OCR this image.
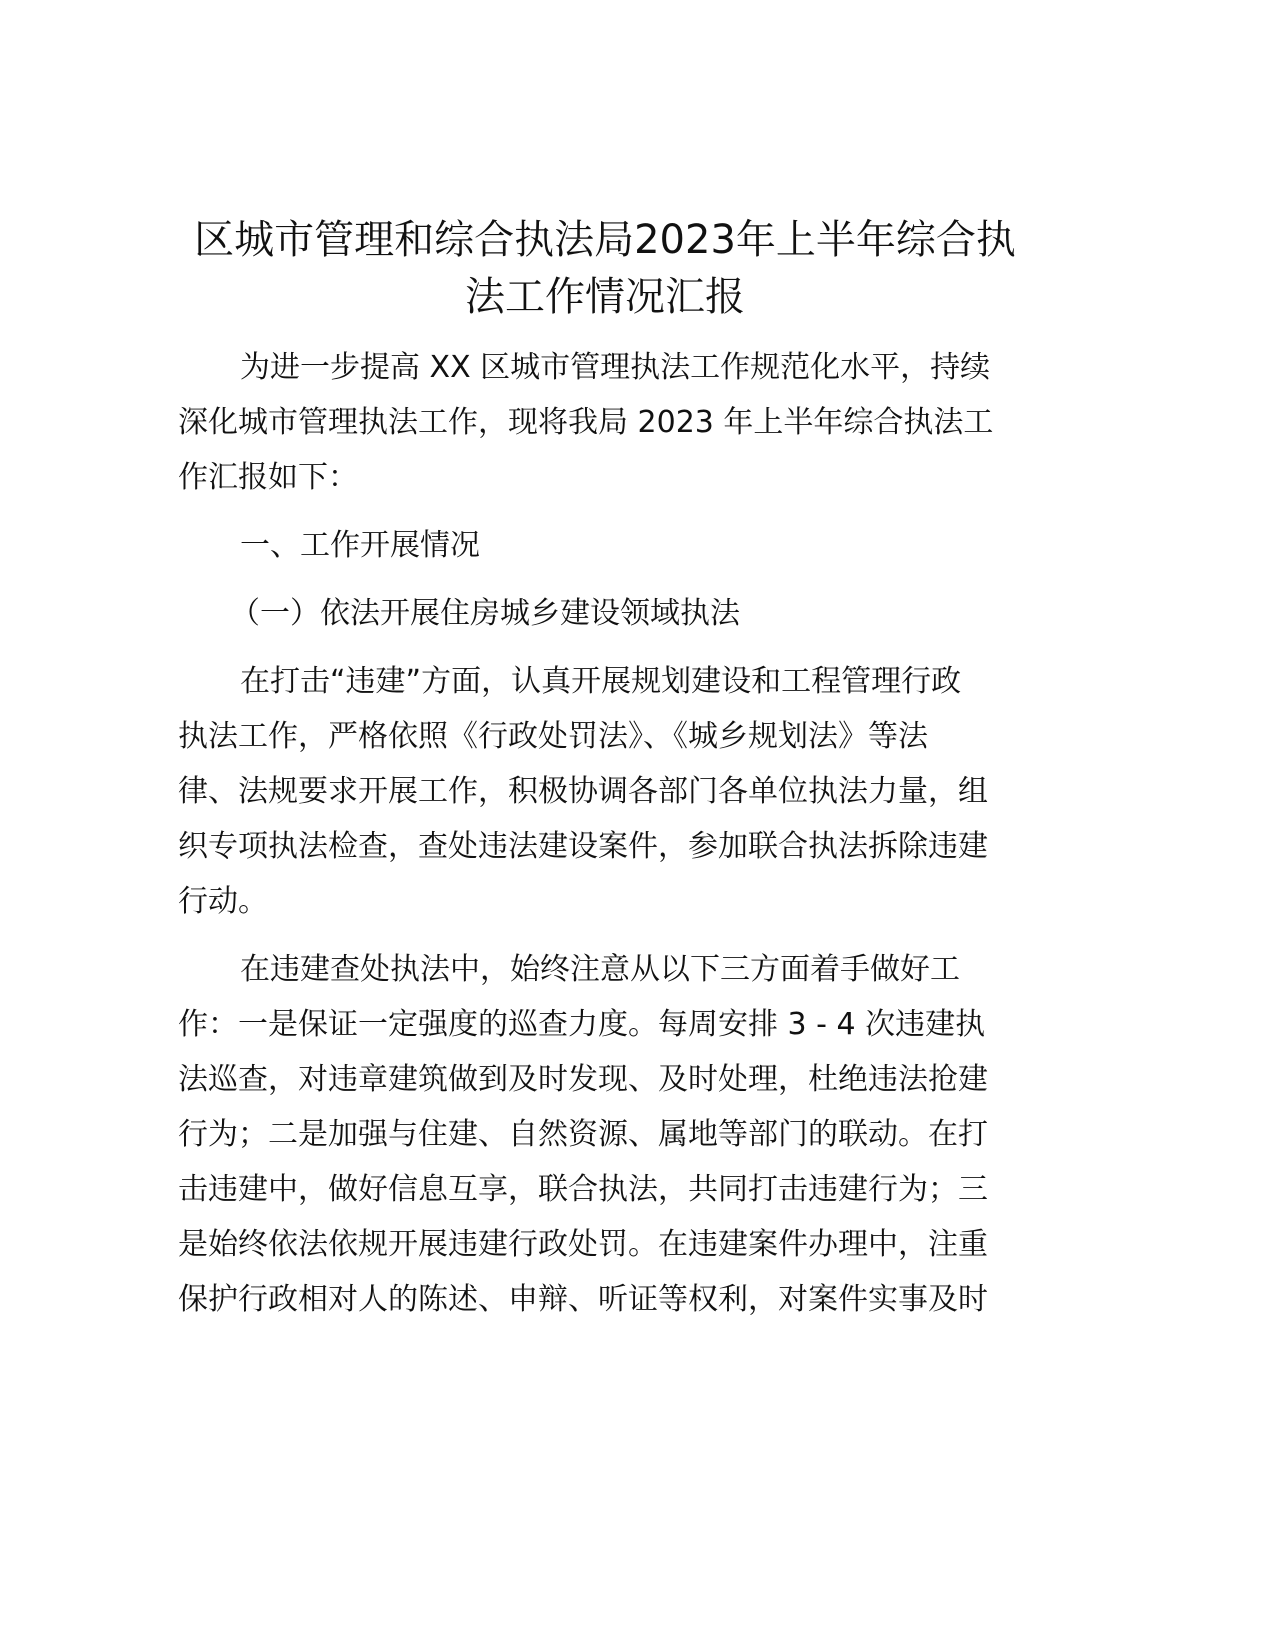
区城市管理和综合执法局2023年上半年综合执
法工作情况汇报
为进一步提高 XX 区城市管理执法工作规范化水平，持续
深化城市管理执法工作，现将我局 2023 年上半年综合执法工
作汇报如下：
一、工作开展情况
（一）依法开展住房城乡建设领域执法
在打击“违建”方面，认真开展规划建设和工程管理行政
执法工作，严格依照《行政处罚法》、《城乡规划法》等法
律、法规要求开展工作，积极协调各部门各单位执法力量，组
织专项执法检查，查处违法建设案件，参加联合执法拆除违建
行动。
在违建查处执法中，始终注意从以下三方面着手做好工
作：一是保证一定强度的巡查力度。每周安排 3 - 4 次违建执
法巡查，对违章建筑做到及时发现、及时处理，杜绝违法抢建
行为；二是加强与住建、自然资源、属地等部门的联动。在打
击违建中，做好信息互享，联合执法，共同打击违建行为；三
是始终依法依规开展违建行政处罚。在违建案件办理中，注重
保护行政相对人的陈述、申辩、听证等权利，对案件实事及时
